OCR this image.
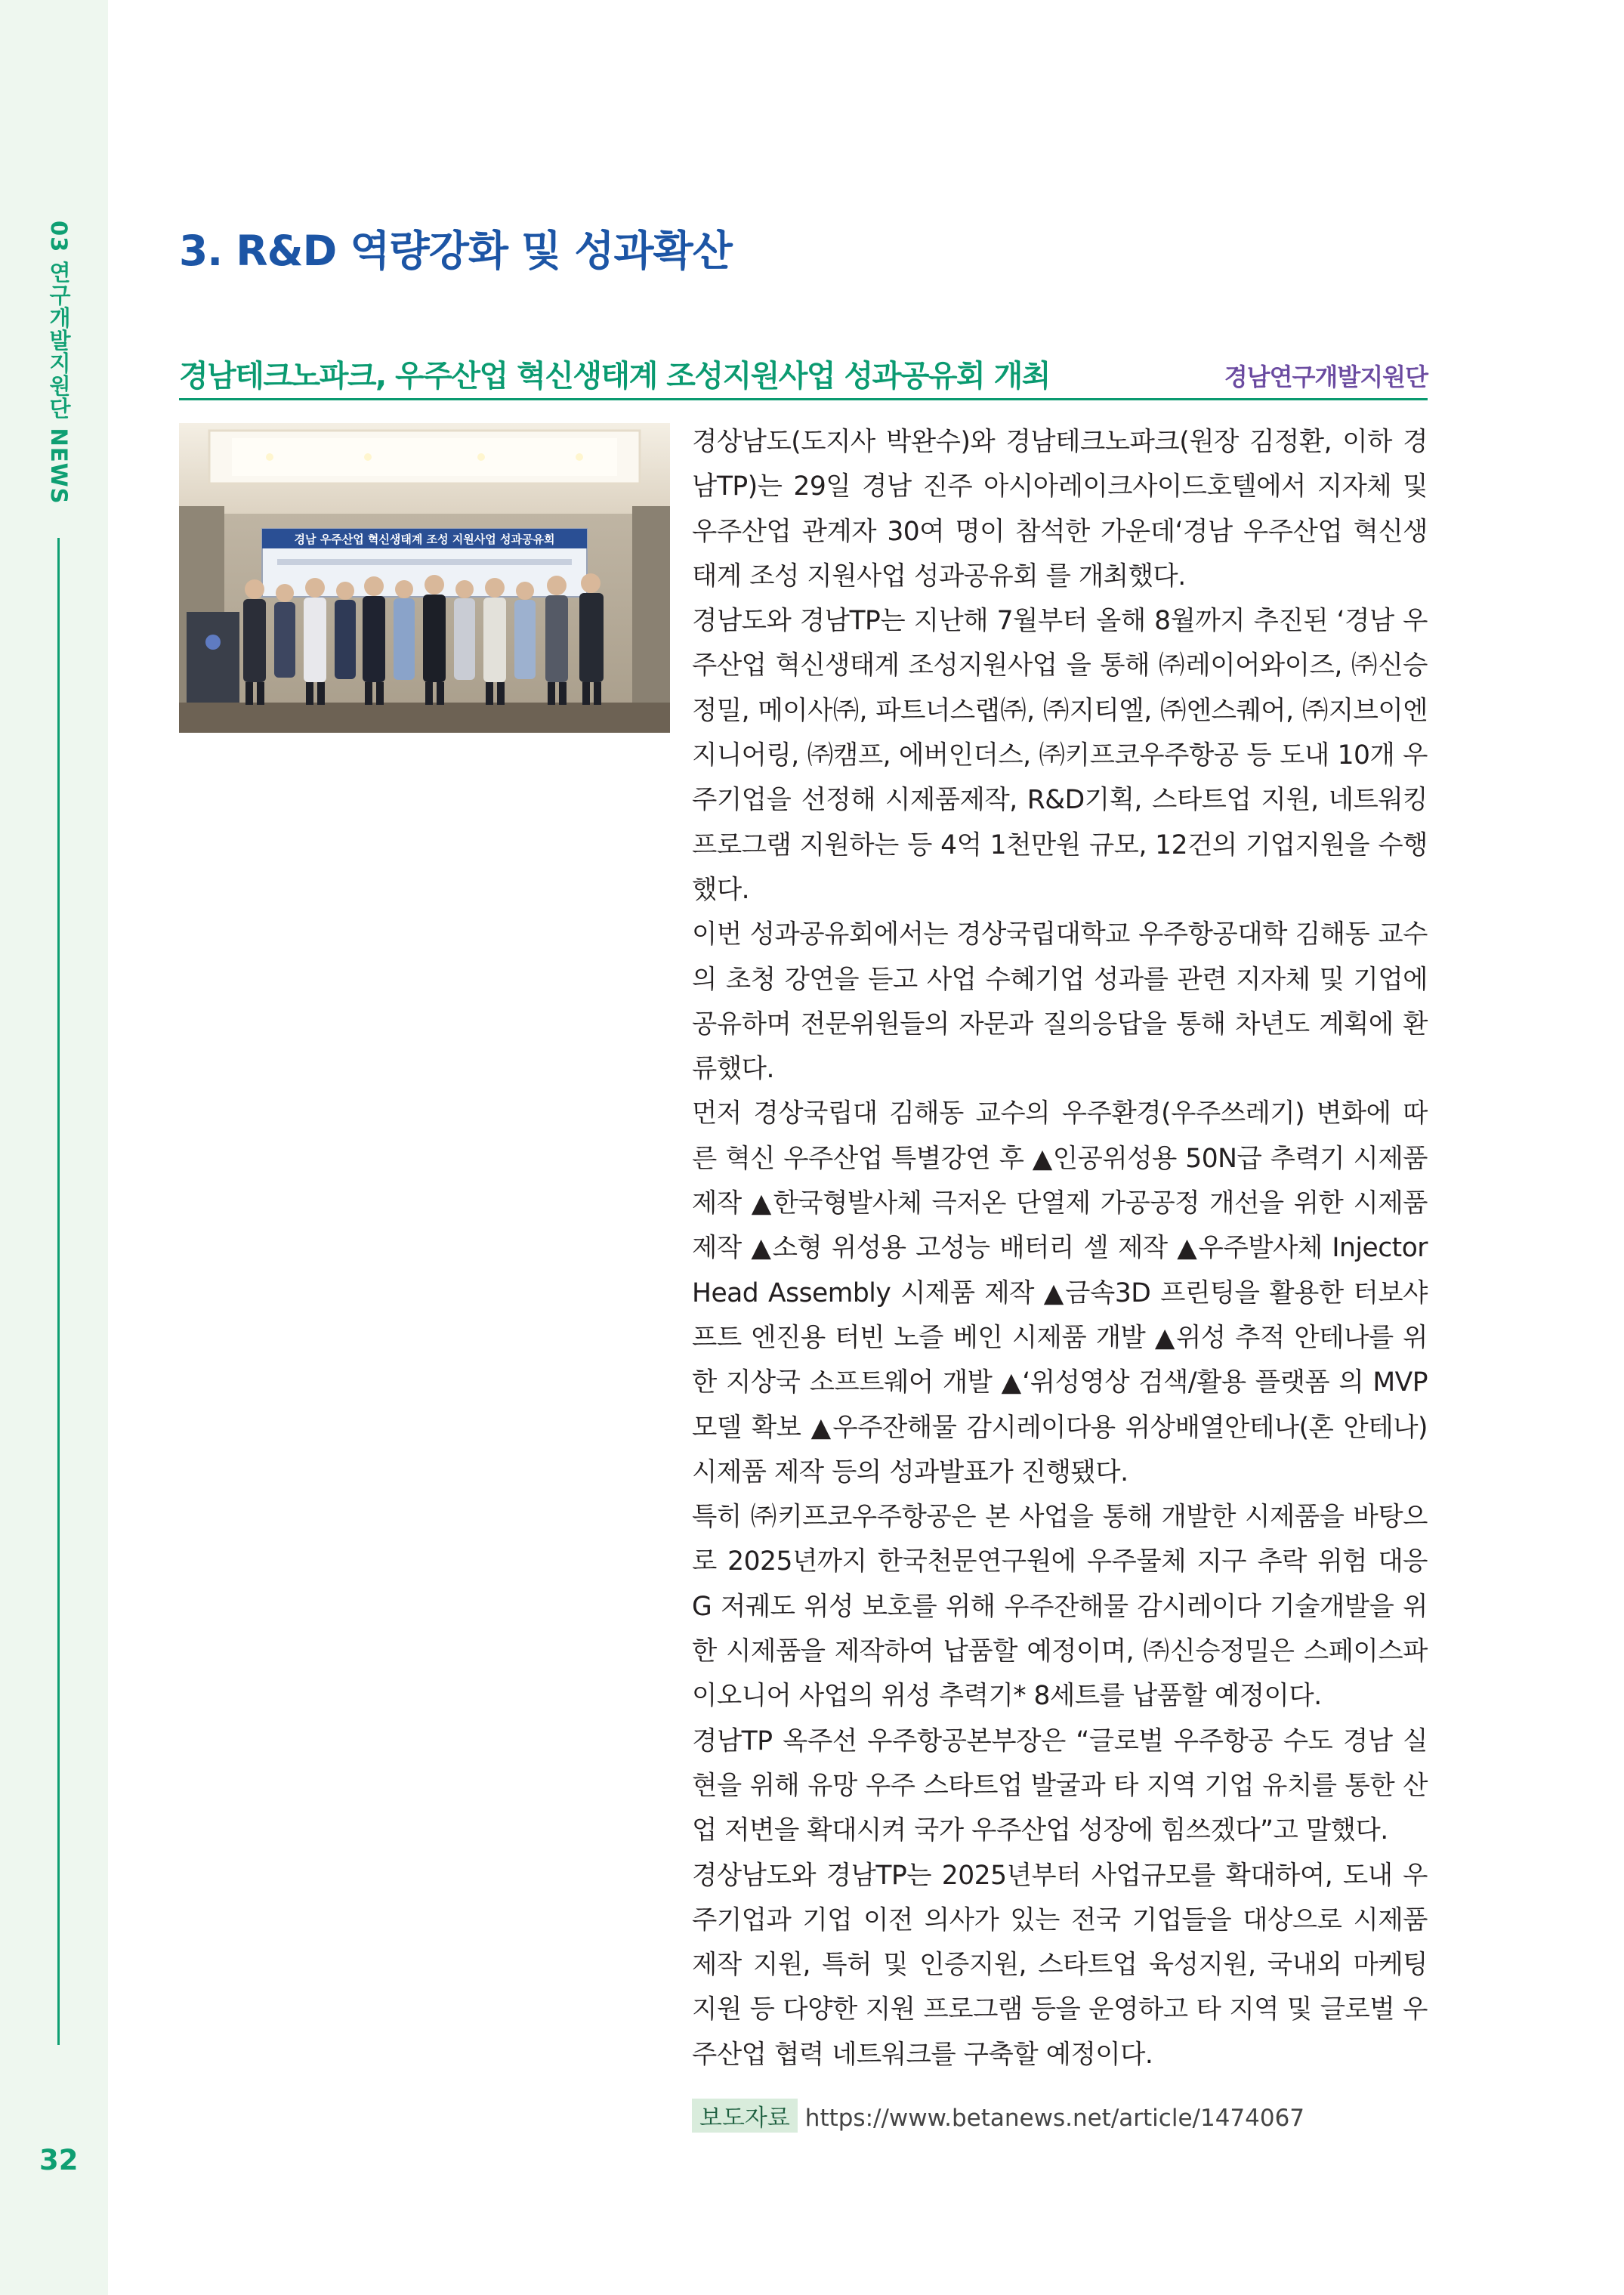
03 연구개발지원단 NEWS
32
3. R&D 역량강화 및 성과확산
경남테크노파크, 우주산업 혁신생태계 조성지원사업 성과공유회 개최	경남연구개발지원단
경남 우주산업 혁신생태계 조성 지원사업 성과공유회

경상남도(도지사 박완수)와 경남테크노파크(원장 김정환, 이하 경남TP)는 29일 경남 진주 아시아레이크사이드호텔에서 지자체 및 우주산업 관계자 30여 명이 참석한 가운데‘경남 우주산업 혁신생태계 조성 지원사업 성과공유회 를 개최했다.

경남도와 경남TP는 지난해 7월부터 올해 8월까지 추진된 ‘경남 우주산업 혁신생태계 조성지원사업 을 통해 ㈜레이어와이즈, ㈜신승정밀, 메이사㈜, 파트너스랩㈜, ㈜지티엘, ㈜엔스퀘어, ㈜지브이엔지니어링, ㈜캠프, 에버인더스, ㈜키프코우주항공 등 도내 10개 우주기업을 선정해 시제품제작, R&D기획, 스타트업 지원, 네트워킹 프로그램 지원하는 등 4억 1천만원 규모, 12건의 기업지원을 수행했다.

이번 성과공유회에서는 경상국립대학교 우주항공대학 김해동 교수의 초청 강연을 듣고 사업 수혜기업 성과를 관련 지자체 및 기업에 공유하며 전문위원들의 자문과 질의응답을 통해 차년도 계획에 환류했다.

먼저 경상국립대 김해동 교수의 우주환경(우주쓰레기) 변화에 따른 혁신 우주산업 특별강연 후 ▲인공위성용 50N급 추력기 시제품 제작 ▲한국형발사체 극저온 단열제 가공공정 개선을 위한 시제품 제작 ▲소형 위성용 고성능 배터리 셀 제작 ▲우주발사체 Injector Head Assembly 시제품 제작 ▲금속3D 프린팅을 활용한 터보샤프트 엔진용 터빈 노즐 베인 시제품 개발 ▲위성 추적 안테나를 위한 지상국 소프트웨어 개발 ▲‘위성영상 검색/활용 플랫폼 의 MVP 모델 확보 ▲우주잔해물 감시레이다용 위상배열안테나(혼 안테나) 시제품 제작 등의 성과발표가 진행됐다.

특히 ㈜키프코우주항공은 본 사업을 통해 개발한 시제품을 바탕으로 2025년까지 한국천문연구원에 우주물체 지구 추락 위험 대응 G 저궤도 위성 보호를 위해 우주잔해물 감시레이다 기술개발을 위한 시제품을 제작하여 납품할 예정이며, ㈜신승정밀은 스페이스파이오니어 사업의 위성 추력기* 8세트를 납품할 예정이다.

경남TP 옥주선 우주항공본부장은 “글로벌 우주항공 수도 경남 실현을 위해 유망 우주 스타트업 발굴과 타 지역 기업 유치를 통한 산업 저변을 확대시켜 국가 우주산업 성장에 힘쓰겠다”고 말했다.

경상남도와 경남TP는 2025년부터 사업규모를 확대하여, 도내 우주기업과 기업 이전 의사가 있는 전국 기업들을 대상으로 시제품 제작 지원, 특허 및 인증지원, 스타트업 육성지원, 국내외 마케팅 지원 등 다양한 지원 프로그램 등을 운영하고 타 지역 및 글로벌 우주산업 협력 네트워크를 구축할 예정이다.

보도자료 https://www.betanews.net/article/1474067
